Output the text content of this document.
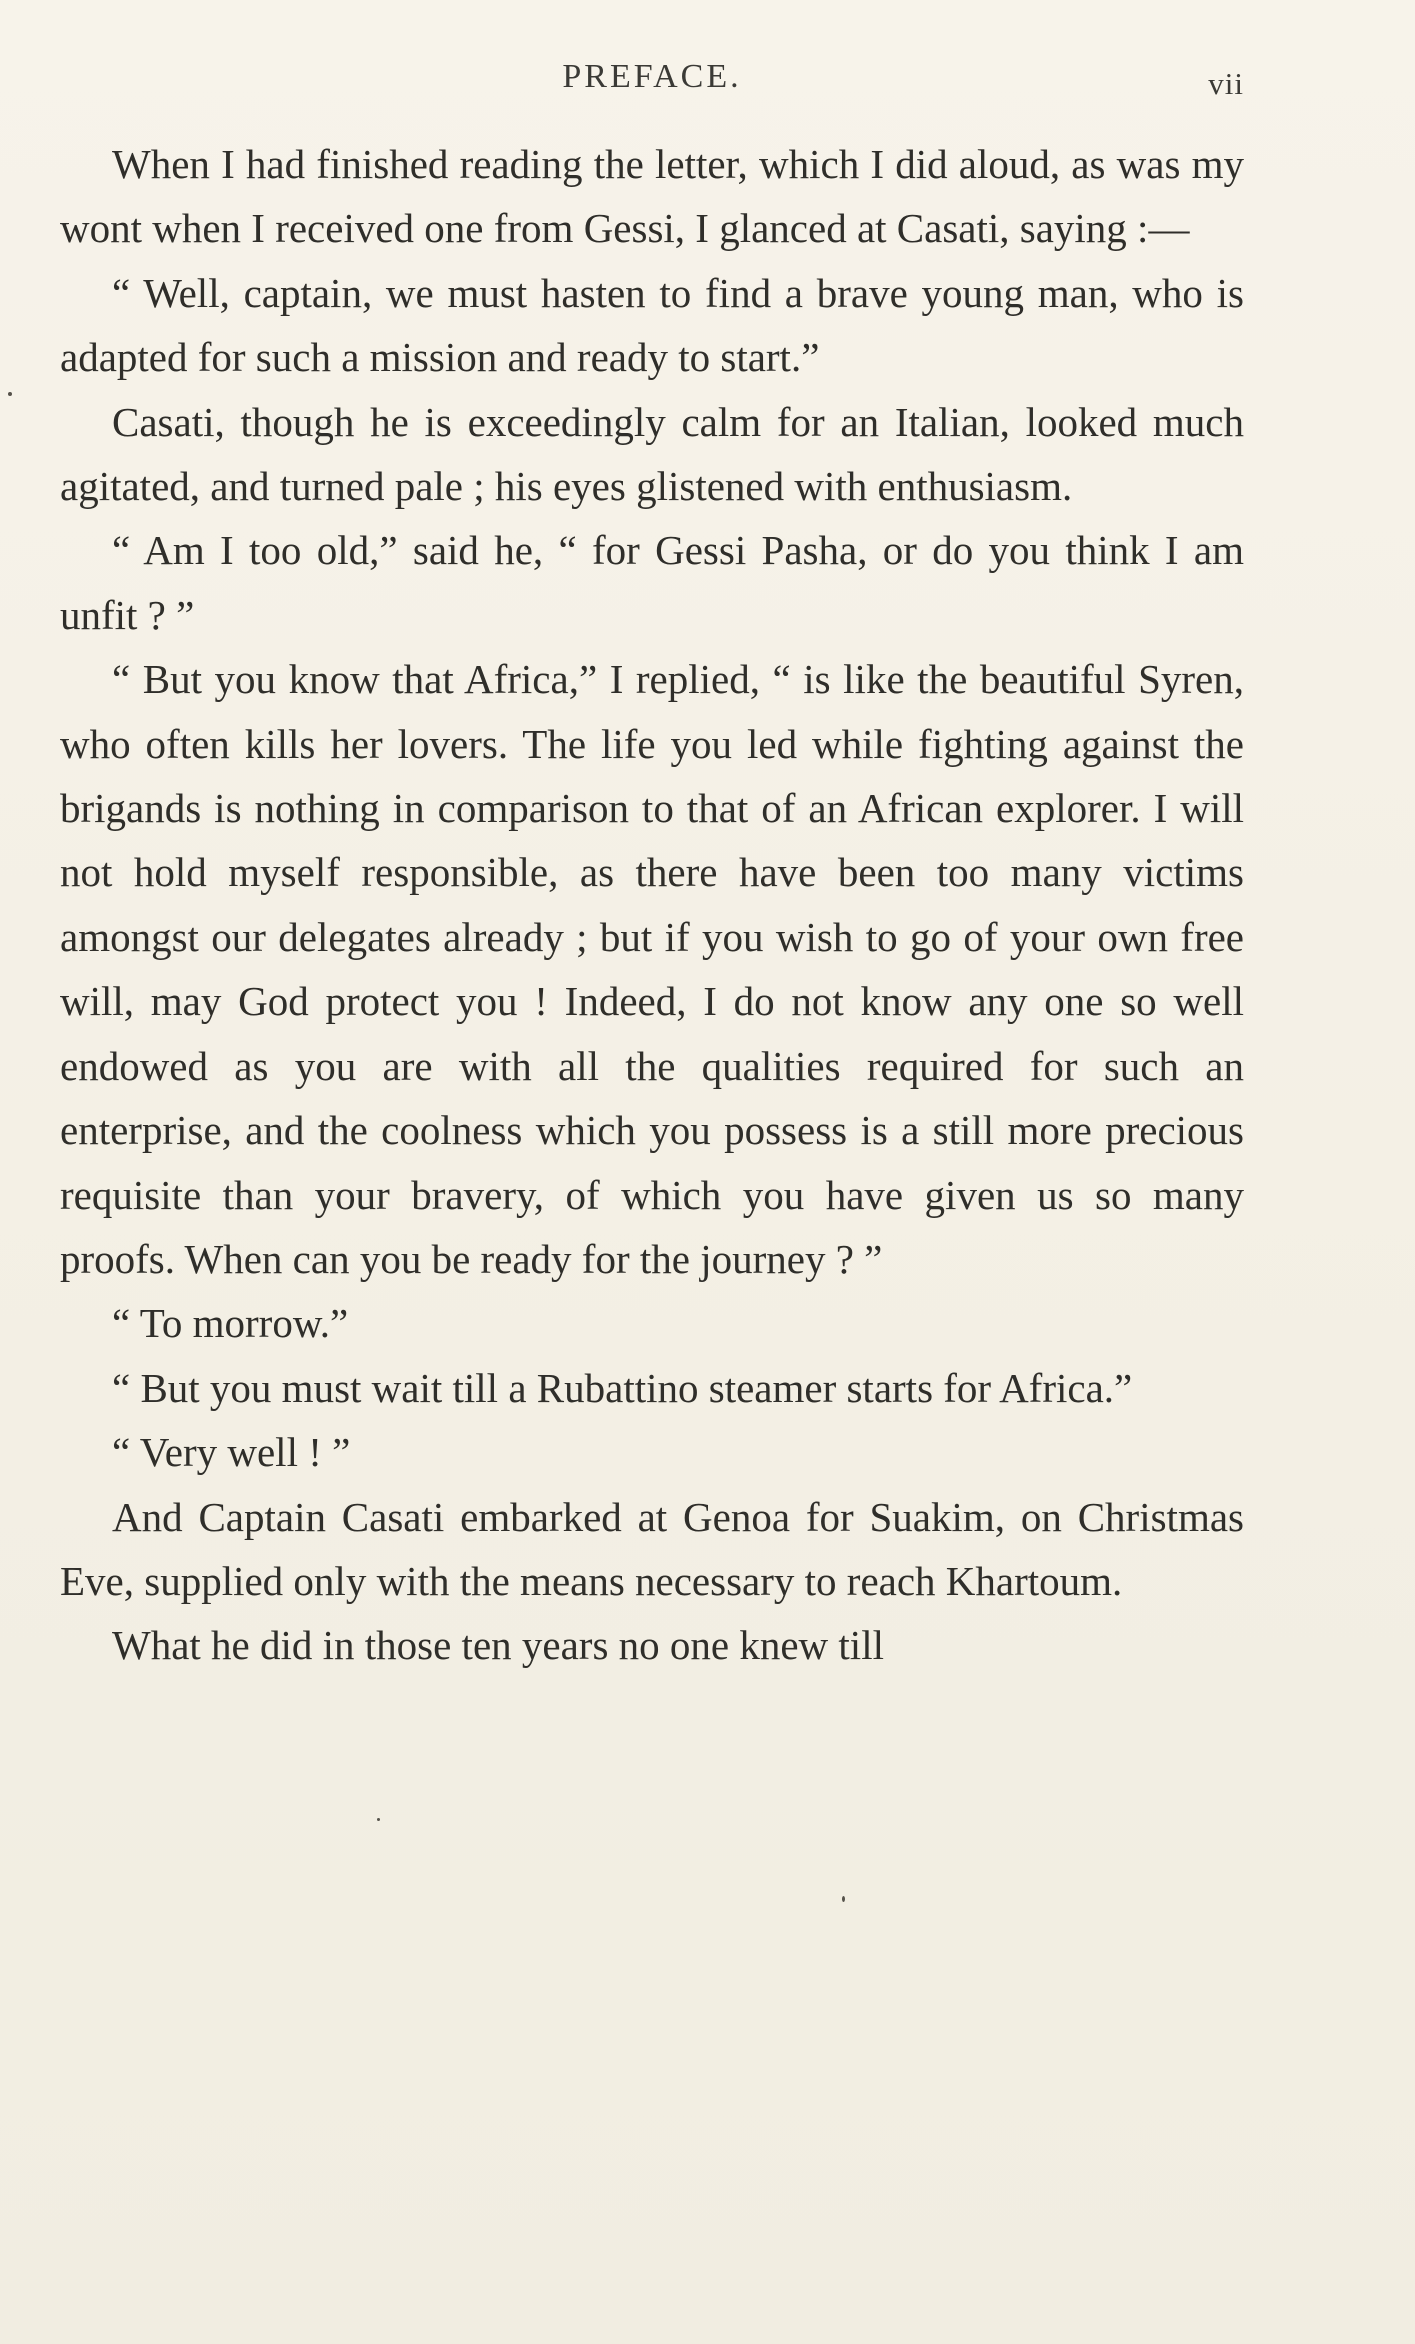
PREFACE.	vii

When I had finished reading the letter, which I did aloud, as was my wont when I received one from Gessi, I glanced at Casati, saying :—

“ Well, captain, we must hasten to find a brave young man, who is adapted for such a mission and ready to start.”

Casati, though he is exceedingly calm for an Italian, looked much agitated, and turned pale ; his eyes glistened with enthusiasm.

“ Am I too old,” said he, “ for Gessi Pasha, or do you think I am unfit ? ”

“ But you know that Africa,” I replied, “ is like the beautiful Syren, who often kills her lovers. The life you led while fighting against the brigands is nothing in comparison to that of an African explorer. I will not hold myself responsible, as there have been too many victims amongst our delegates already ; but if you wish to go of your own free will, may God protect you ! Indeed, I do not know any one so well endowed as you are with all the qualities required for such an enterprise, and the coolness which you possess is a still more precious requisite than your bravery, of which you have given us so many proofs. When can you be ready for the journey ? ”

“ To morrow.”

“ But you must wait till a Rubattino steamer starts for Africa.”

“ Very well ! ”

And Captain Casati embarked at Genoa for Suakim, on Christmas Eve, supplied only with the means necessary to reach Khartoum.

What he did in those ten years no one knew till
